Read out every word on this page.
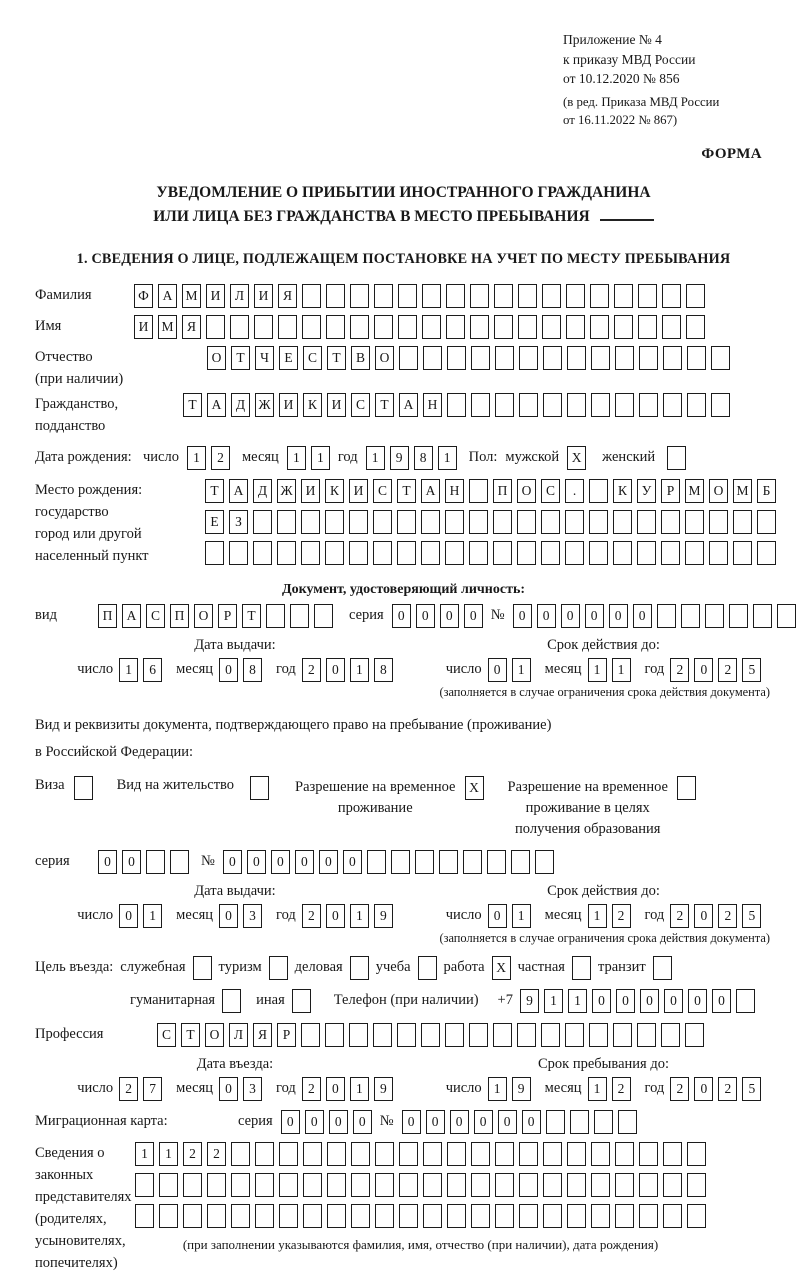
Приложение № 4
к приказу МВД России
от 10.12.2020 № 856
(в ред. Приказа МВД России
от 16.11.2022 № 867)
ФОРМА
УВЕДОМЛЕНИЕ О ПРИБЫТИИ ИНОСТРАННОГО ГРАЖДАНИНА
ИЛИ ЛИЦА БЕЗ ГРАЖДАНСТВА В МЕСТО ПРЕБЫВАНИЯ
1. СВЕДЕНИЯ О ЛИЦЕ, ПОДЛЕЖАЩЕМ ПОСТАНОВКЕ НА УЧЕТ ПО МЕСТУ ПРЕБЫВАНИЯ
Фамилия	Ф	А М И	Л	И	Я
Имя	И М Я
Отчество
(при наличии)
О	Т	Ч	Е	С	Т	В	О
Гражданство,
подданство
Т	А	Д Ж И	К	И	С	Т	А	Н
Дата рождения: число	1	2	месяц	1	1 год	1	9	8	1	Пол: мужской X	женский
Место рождения:
государство
город или другой
населенный пункт
Т	А	Д Ж И	К	И	С	Т	А	Н	П	О	С	.	К	У	Р	М О М	Б
Е	З
Документ, удостоверяющий личность:
вид	П	А	С	П	О	Р	Т	серия	0	0	0	0 №	0	0	0	0	0	0
Дата выдачи:
число 1	6	месяц 0	8	год 2	0	1	8
Срок действия до:
число 0	1	месяц 1	1	год 2	0	2	5
(заполняется в случае ограничения срока действия документа)
Вид и реквизиты документа, подтверждающего право на пребывание (проживание)
в Российской Федерации:
Виза	Вид на жительство	Разрешение на временное
проживание
X	Разрешение на временное
проживание в целях
получения образования
серия	0	0	№	0	0	0	0	0	0
Дата выдачи:
число 0	1	месяц 0	3	год 2	0	1	9
Срок действия до:
число 0	1	месяц 1	2	год 2	0	2	5
(заполняется в случае ограничения срока действия документа)
Цель въезда: служебная туризм деловая учеба работа X частная транзит
гуманитарная	иная	Телефон (при наличии) +7 9	1	1	0	0	0	0	0	0
Профессия	С	Т	О	Л	Я	Р
Дата въезда:
число 2	7	месяц 0	3	год 2	0	1	9
Срок пребывания до:
число 1	9	месяц 1	2	год 2	0	2	5
Миграционная карта:	серия	0	0	0	0 №	0	0	0	0	0	0
Сведения о
законных
представителях
(родителях,
усыновителях,
попечителях)
1	1	2	2
(при заполнении указываются фамилия, имя, отчество (при наличии), дата рождения)
